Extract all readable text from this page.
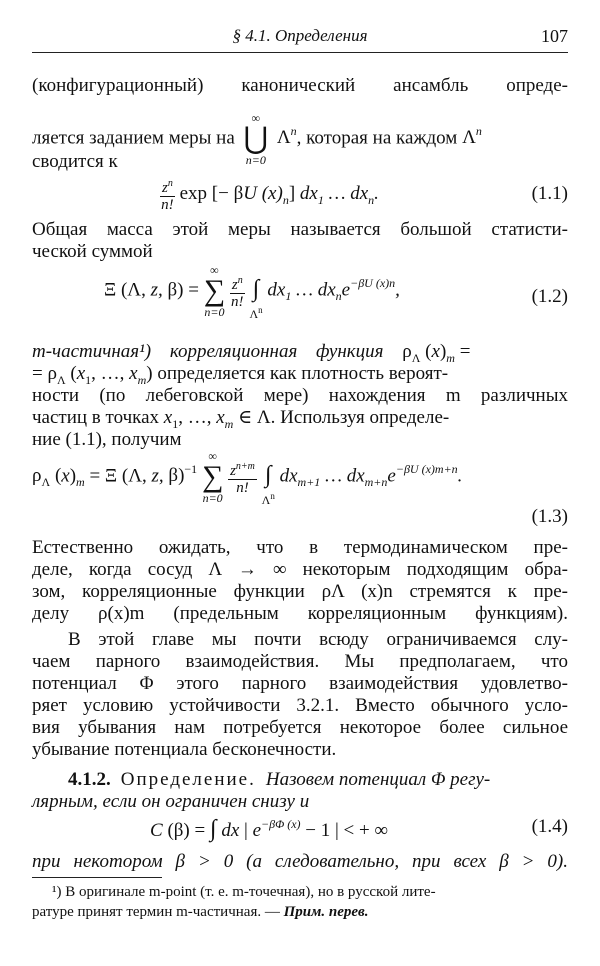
§ 4.1. Определения	107
(конфигурационный) канонический ансамбль опреде-
ляется заданием меры на
∞
⋃
n=0
$\Lambda^n$, которая на каждом $\Lambda^n$
сводится к
$\frac{z^n}{n!}$ exp [− βU $(x)_n$] $dx_1$ … $dx_n$.	(1.1)
Общая масса этой меры называется большой статисти-
ческой суммой
Ξ (Λ, z, β) =
∞
∑
n=0

$\frac{z^n}{n!}$

∫
$\Lambda^n$
$dx_1$ … $dx_ne^{-\beta U (x)n}$,	(1.2)
m-частичная¹) корреляционная функция $\rho_\Lambda$ $(x)_m$ =
= $\rho_\Lambda$ ($x_1$, …, $x_m$) определяется как плотность вероят-
ности (по лебеговской мере) нахождения m различных
частиц в точках $x_1$, …, $x_m$ ∈ Λ. Используя определе-
ние (1.1), получим
$\rho_\Lambda$ $(x)_m = \Xi$ (Λ, z, β)$^{-1}$
∞
∑
n=0

$\frac{z^{n+m}}{n!}$

∫
$\Lambda^n$
$dx_{m+1}$ … $dx_{m+n}e^{-\beta U (x)m+n}$.
(1.3)
Естественно ожидать, что в термодинамическом пре-
деле, когда сосуд Λ → ∞ некоторым подходящим обра-
зом, корреляционные функции ρΛ (x)n стремятся к пре-
делу ρ(x)m (предельным корреляционным функциям).
В этой главе мы почти всюду ограничиваемся слу-
чаем парного взаимодействия. Мы предполагаем, что
потенциал Φ этого парного взаимодействия удовлетво-
ряет условию устойчивости 3.2.1. Вместо обычного усло-
вия убывания нам потребуется некоторое более сильное
убывание потенциала бесконечности.
4.1.2. Определение. Назовем потенциал Φ регу-
лярным, если он ограничен снизу и
C (β) = ∫ dx | $e^{-\beta\Phi (x)} - 1$ | < + ∞	(1.4)
при некотором β > 0 (а следовательно, при всех β > 0).
¹) В оригинале m-point (т. е. m-точечная), но в русской лите-
ратуре принят термин m-частичная. — Прим. перев.
